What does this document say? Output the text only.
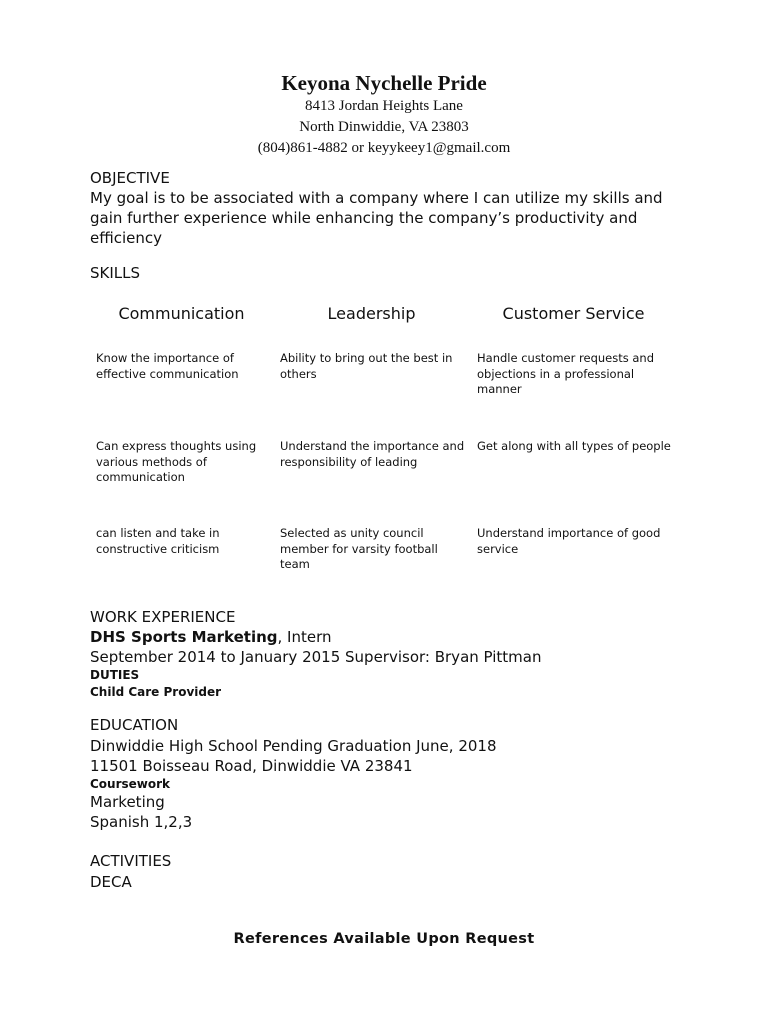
Keyona Nychelle Pride
8413 Jordan Heights Lane
North Dinwiddie, VA 23803
(804)861-4882 or keyykeey1@gmail.com
OBJECTIVE
My goal is to be associated with a company where I can utilize my skills and gain further experience while enhancing the company’s productivity and efficiency
SKILLS
Communication	Leadership	Customer Service
Know the importance of effective communication
Ability to bring out the best in others
Handle customer requests and objections in a professional manner
Can express thoughts using various methods of communication
Understand the importance and responsibility of leading
Get along with all types of people
can listen and take in constructive criticism
Selected as unity council member for varsity football team
Understand importance of good service
WORK EXPERIENCE
DHS Sports Marketing, Intern
September 2014 to January 2015 Supervisor: Bryan Pittman
DUTIES
Child Care Provider
EDUCATION
Dinwiddie High School Pending Graduation June, 2018
11501 Boisseau Road, Dinwiddie VA 23841
Coursework
Marketing
Spanish 1,2,3
ACTIVITIES
DECA
References Available Upon Request
